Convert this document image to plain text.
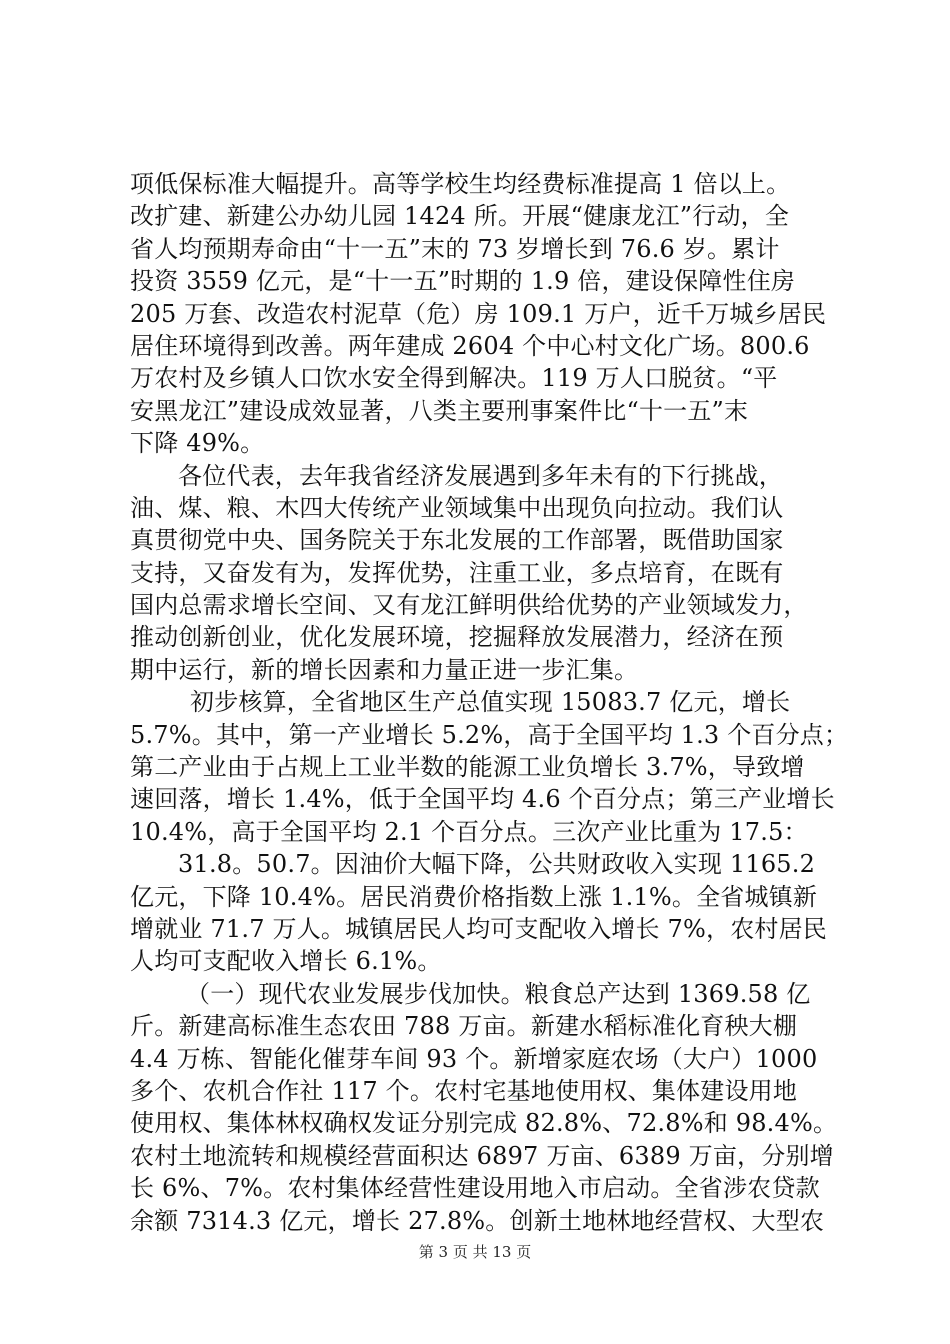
项低保标准大幅提升。高等学校生均经费标准提高 1 倍以上。
改扩建、新建公办幼儿园 1424 所。开展“健康龙江”行动，全
省人均预期寿命由“十一五”末的 73 岁增长到 76.6 岁。累计
投资 3559 亿元，是“十一五”时期的 1.9 倍，建设保障性住房
205 万套、改造农村泥草（危）房 109.1 万户，近千万城乡居民
居住环境得到改善。两年建成 2604 个中心村文化广场。800.6
万农村及乡镇人口饮水安全得到解决。119 万人口脱贫。“平
安黑龙江”建设成效显著，八类主要刑事案件比“十一五”末
下降 49%。
各位代表，去年我省经济发展遇到多年未有的下行挑战，
油、煤、粮、木四大传统产业领域集中出现负向拉动。我们认
真贯彻党中央、国务院关于东北发展的工作部署，既借助国家
支持，又奋发有为，发挥优势，注重工业，多点培育，在既有
国内总需求增长空间、又有龙江鲜明供给优势的产业领域发力，
推动创新创业，优化发展环境，挖掘释放发展潜力，经济在预
期中运行，新的增长因素和力量正进一步汇集。
初步核算，全省地区生产总值实现 15083.7 亿元，增长
5.7%。其中，第一产业增长 5.2%，高于全国平均 1.3 个百分点；
第二产业由于占规上工业半数的能源工业负增长 3.7%，导致增
速回落，增长 1.4%，低于全国平均 4.6 个百分点；第三产业增长
10.4%，高于全国平均 2.1 个百分点。三次产业比重为 17.5：
31.8。50.7。因油价大幅下降，公共财政收入实现 1165.2
亿元，下降 10.4%。居民消费价格指数上涨 1.1%。全省城镇新
增就业 71.7 万人。城镇居民人均可支配收入增长 7%，农村居民
人均可支配收入增长 6.1%。
（一）现代农业发展步伐加快。粮食总产达到 1369.58 亿
斤。新建高标准生态农田 788 万亩。新建水稻标准化育秧大棚
4.4 万栋、智能化催芽车间 93 个。新增家庭农场（大户）1000
多个、农机合作社 117 个。农村宅基地使用权、集体建设用地
使用权、集体林权确权发证分别完成 82.8%、72.8%和 98.4%。
农村土地流转和规模经营面积达 6897 万亩、6389 万亩，分别增
长 6%、7%。农村集体经营性建设用地入市启动。全省涉农贷款
余额 7314.3 亿元，增长 27.8%。创新土地林地经营权、大型农
第 3 页 共 13 页
